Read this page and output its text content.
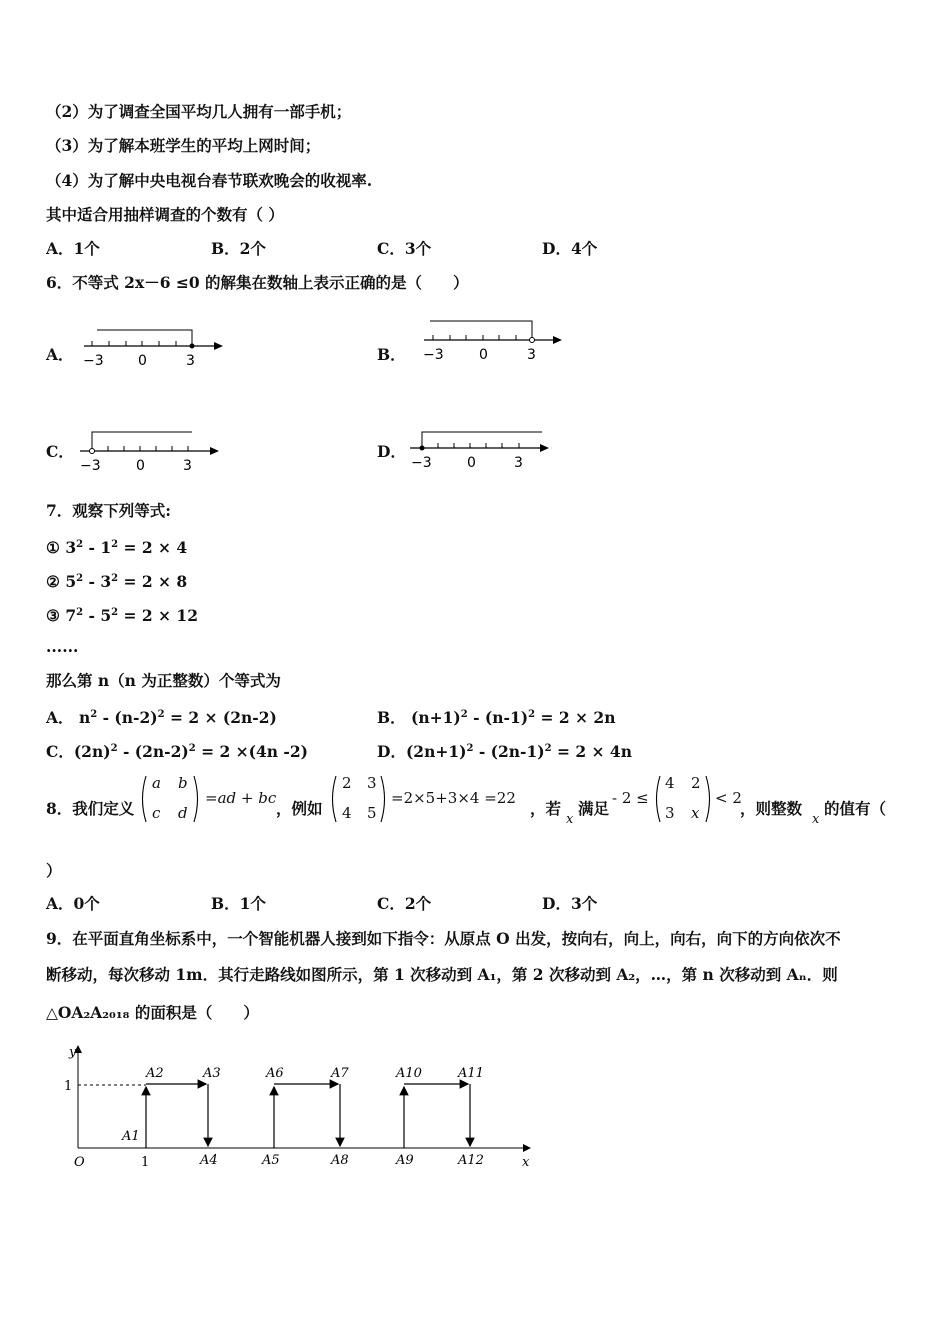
（2）为了调查全国平均几人拥有一部手机；
（3）为了解本班学生的平均上网时间；
（4）为了解中央电视台春节联欢晚会的收视率.
其中适合用抽样调查的个数有（ ）
A．1个	B．2个	C．3个	D．4个
6．不等式 2x－6 ≤0 的解集在数轴上表示正确的是（　　）
A． −3 0	3	−3	0	3
−3	0	3	−3	0	3
B．
C．	D．
7．观察下列等式:
① $3^2 - 1^2 = 2 \times 4$
② $5^2 - 3^2 = 2 \times 8$
③ $7^2 - 5^2 = 2 \times 12$
......
那么第 n（n 为正整数）个等式为
A． $n^2 - (n-2)^2 = 2 \times (2n-2)$	B． $(n+1)^2 - (n-1)^2 = 2 \times 2n$
C．$(2n)^2 - (2n-2)^2 = 2 \times(4n$ -2)	D．$(2n+1)^2 - (2n-1)^2 = 2 \times 4n$
8．我们定义
a b
c d
=ad + bc
，例如
2 3
4 5
=2×5+3×4 =22
，若
x
满足
- 2 ≤
4 2
3 x
< 2
，则整数
x
的值有（
）
A．0个	B．1个	C．2个	D．3个
9．在平面直角坐标系中，一个智能机器人接到如下指令：从原点 O 出发，按向右，向上，向右，向下的方向依次不
断移动，每次移动 1m．其行走路线如图所示，第 1 次移动到 A₁，第 2 次移动到 A₂，…，第 n 次移动到 Aₙ．则
△OA₂A₂₀₁₈ 的面积是（　　）
y
x
O	1
1
A1
A2	A3
A4	A5
A6	A7
A8	A9
A10	A11
A12
